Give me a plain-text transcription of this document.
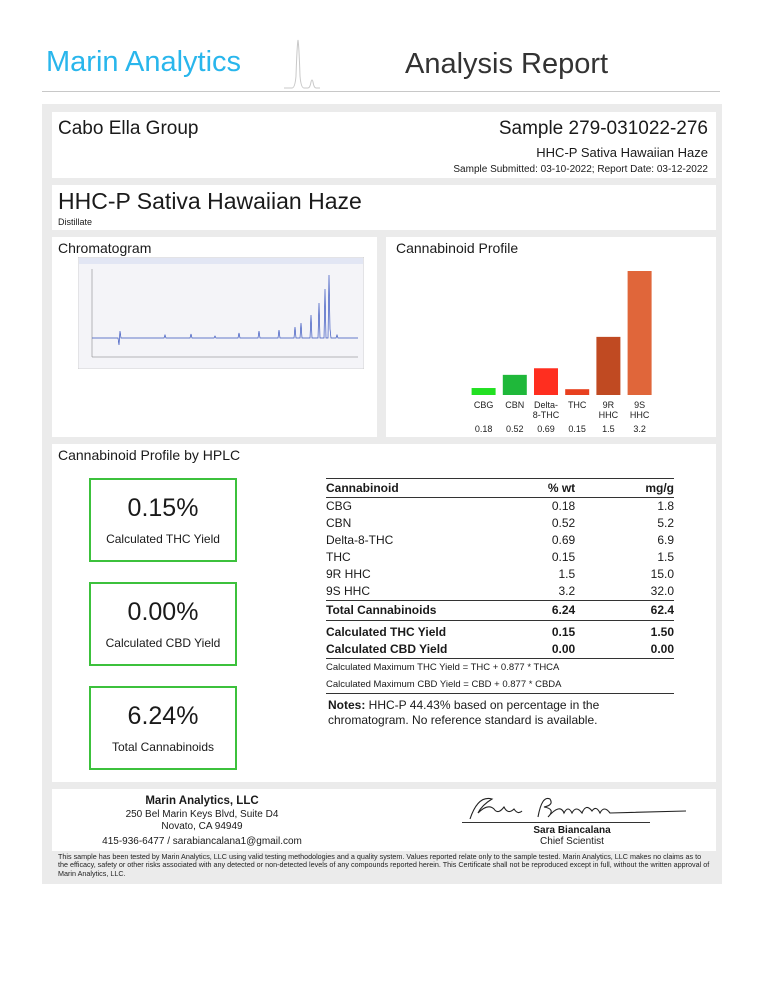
Marin Analytics	Analysis Report
Cabo Ella Group	Sample 279-031022-276
HHC-P Sativa Hawaiian Haze
Sample Submitted: 03-10-2022; Report Date: 03-12-2022
HHC-P Sativa Hawaiian Haze
Distillate
Chromatogram	Cannabinoid Profile
CBG
0.18
CBN
0.52
Delta-8-THC
0.69
THC
0.15
9R HHC
1.5
9S HHC
3.2
Cannabinoid Profile by HPLC
0.15%
Calculated THC Yield
0.00%
Calculated CBD Yield
6.24%
Total Cannabinoids
Cannabinoid	% wt	mg/g
CBG	0.18	1.8
CBN	0.52	5.2
Delta-8-THC	0.69	6.9
THC	0.15	1.5
9R HHC	1.5	15.0
9S HHC	3.2	32.0
Total Cannabinoids	6.24	62.4
Calculated THC Yield	0.15	1.50
Calculated CBD Yield	0.00	0.00
Calculated Maximum THC Yield = THC + 0.877 * THCA		
Calculated Maximum CBD Yield = CBD + 0.877 * CBDA		
Notes: HHC-P 44.43% based on percentage in the chromatogram. No reference standard is available.
Marin Analytics, LLC
250 Bel Marin Keys Blvd, Suite D4
Novato, CA 94949
415-936-6477 / sarabiancalana1@gmail.com
Sara Biancalana
Chief Scientist
This sample has been tested by Marin Analytics, LLC using valid testing methodologies and a quality system. Values reported relate only to the sample tested. Marin Analytics, LLC makes no claims as to the efficacy, safety or other risks associated with any detected or non-detected levels of any compounds reported herein. This Certificate shall not be reproduced except in full, without the written approval of Marin Analytics, LLC.
